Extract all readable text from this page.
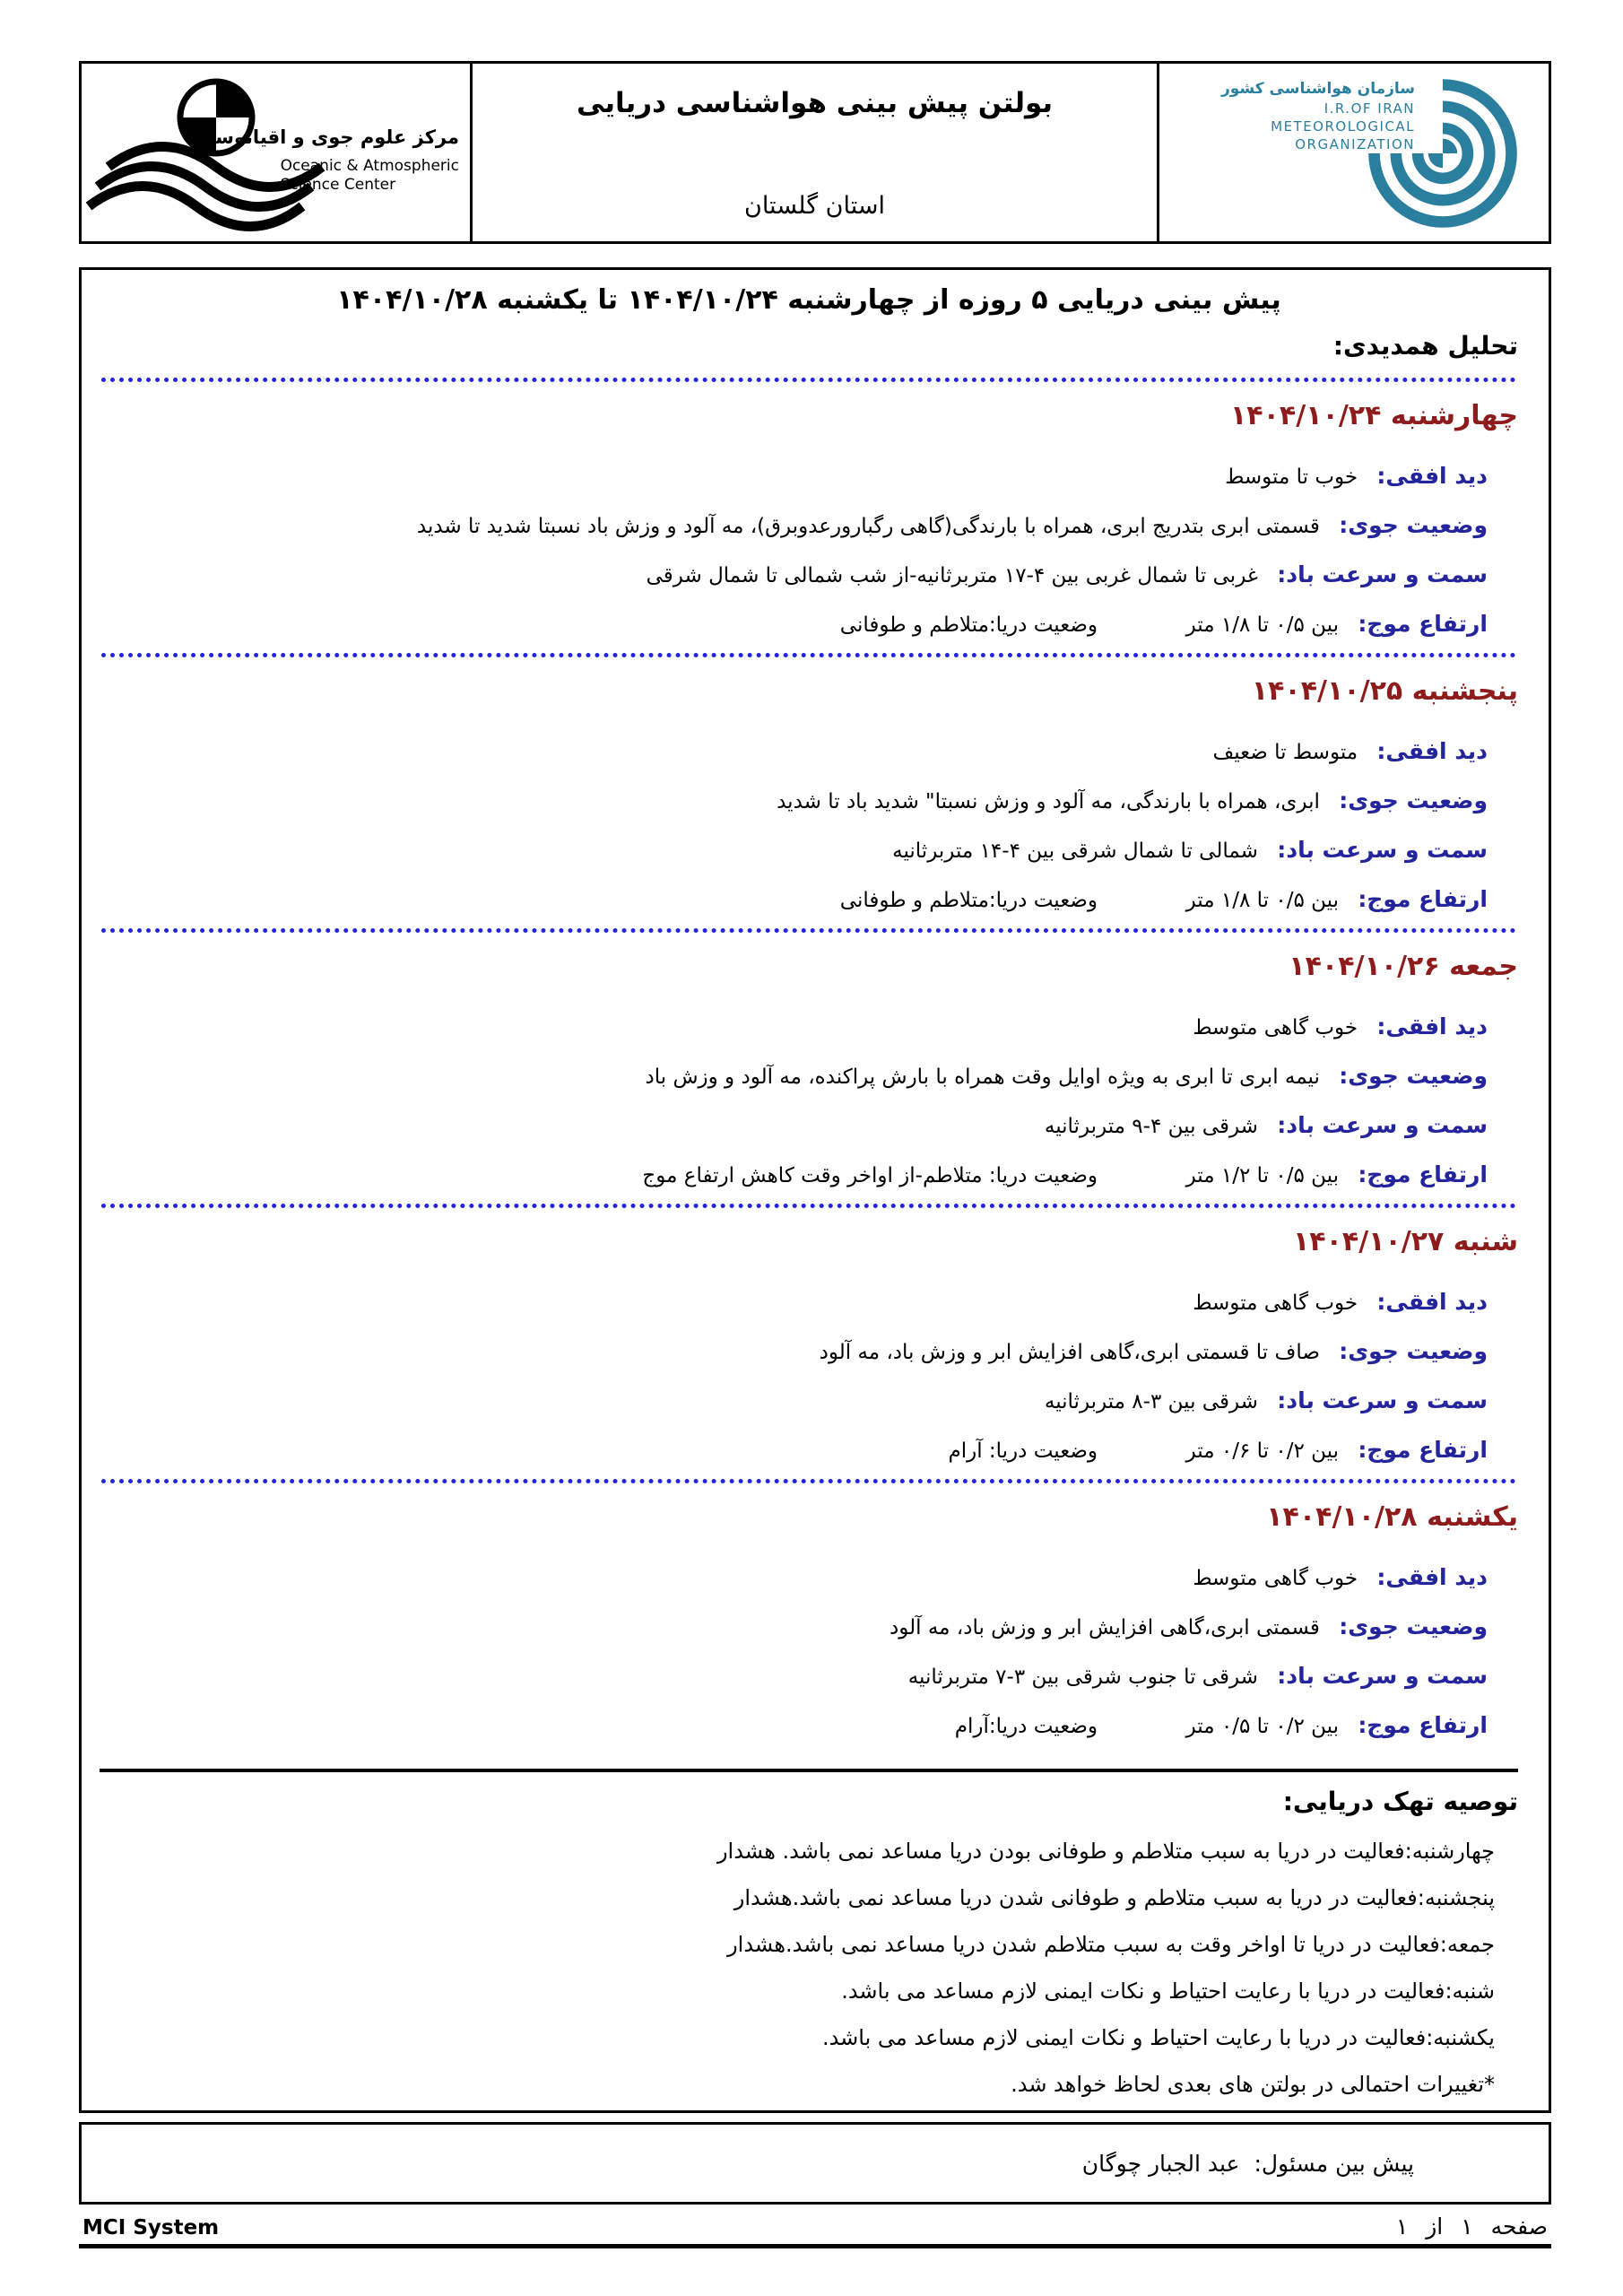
مرکز علوم جوی و اقیانوسی
Oceanic & Atmospheric
Science Center
بولتن پیش بینی هواشناسی دریایی
استان گلستان
سازمان هواشناسی کشور
I.R.OF IRAN
METEOROLOGICAL
ORGANIZATION
پیش بینی دریایی ۵ روزه از چهارشنبه ۱۴۰۴/۱۰/۲۴ تا یکشنبه ۱۴۰۴/۱۰/۲۸
تحلیل همدیدی:
چهارشنبه ۱۴۰۴/۱۰/۲۴
دید افقی: خوب تا متوسط
وضعیت جوی: قسمتی ابری بتدریج ابری، همراه با بارندگی(گاهی رگبارورعدوبرق)، مه آلود و وزش باد نسبتا شدید تا شدید
سمت و سرعت باد: غربی تا شمال غربی بین ۴-۱۷ متربرثانیه-از شب شمالی تا شمال شرقی
ارتفاع موج: بین ۰/۵ تا ۱/۸ متر  وضعیت دریا:متلاطم و طوفانی
پنجشنبه ۱۴۰۴/۱۰/۲۵
دید افقی: متوسط تا ضعیف
وضعیت جوی: ابری، همراه با بارندگی، مه آلود و وزش نسبتا" شدید باد تا شدید
سمت و سرعت باد: شمالی تا شمال شرقی بین ۴-۱۴ متربرثانیه
ارتفاع موج: بین ۰/۵ تا ۱/۸ متر  وضعیت دریا:متلاطم و طوفانی
جمعه ۱۴۰۴/۱۰/۲۶
دید افقی: خوب گاهی متوسط
وضعیت جوی: نیمه ابری تا ابری به ویژه اوایل وقت همراه با بارش پراکنده، مه آلود و وزش باد
سمت و سرعت باد: شرقی بین ۴-۹ متربرثانیه
ارتفاع موج: بین ۰/۵ تا ۱/۲ متر  وضعیت دریا: متلاطم-از اواخر وقت کاهش ارتفاع موج
شنبه ۱۴۰۴/۱۰/۲۷
دید افقی: خوب گاهی متوسط
وضعیت جوی: صاف تا قسمتی ابری،گاهی افزایش ابر و وزش باد، مه آلود
سمت و سرعت باد: شرقی بین ۳-۸ متربرثانیه
ارتفاع موج: بین ۰/۲ تا ۰/۶ متر  وضعیت دریا: آرام
یکشنبه ۱۴۰۴/۱۰/۲۸
دید افقی: خوب گاهی متوسط
وضعیت جوی: قسمتی ابری،گاهی افزایش ابر و وزش باد، مه آلود
سمت و سرعت باد: شرقی تا جنوب شرقی بین ۳-۷ متربرثانیه
ارتفاع موج: بین ۰/۲ تا ۰/۵ متر  وضعیت دریا:آرام
توصیه تهک دریایی:
چهارشنبه:فعالیت در دریا به سبب متلاطم و طوفانی بودن دریا مساعد نمی باشد. هشدار
پنجشنبه:فعالیت در دریا به سبب متلاطم و طوفانی شدن دریا مساعد نمی باشد.هشدار
جمعه:فعالیت در دریا تا اواخر وقت به سبب متلاطم شدن دریا مساعد نمی باشد.هشدار
شنبه:فعالیت در دریا با رعایت احتیاط و نکات ایمنی لازم مساعد می باشد.
یکشنبه:فعالیت در دریا با رعایت احتیاط و نکات ایمنی لازم مساعد می باشد.
*تغییرات احتمالی در بولتن های بعدی لحاظ خواهد شد.
پیش بین مسئول:
عبد الجبار چوگان
MCI System	صفحه ۱ از ۱
